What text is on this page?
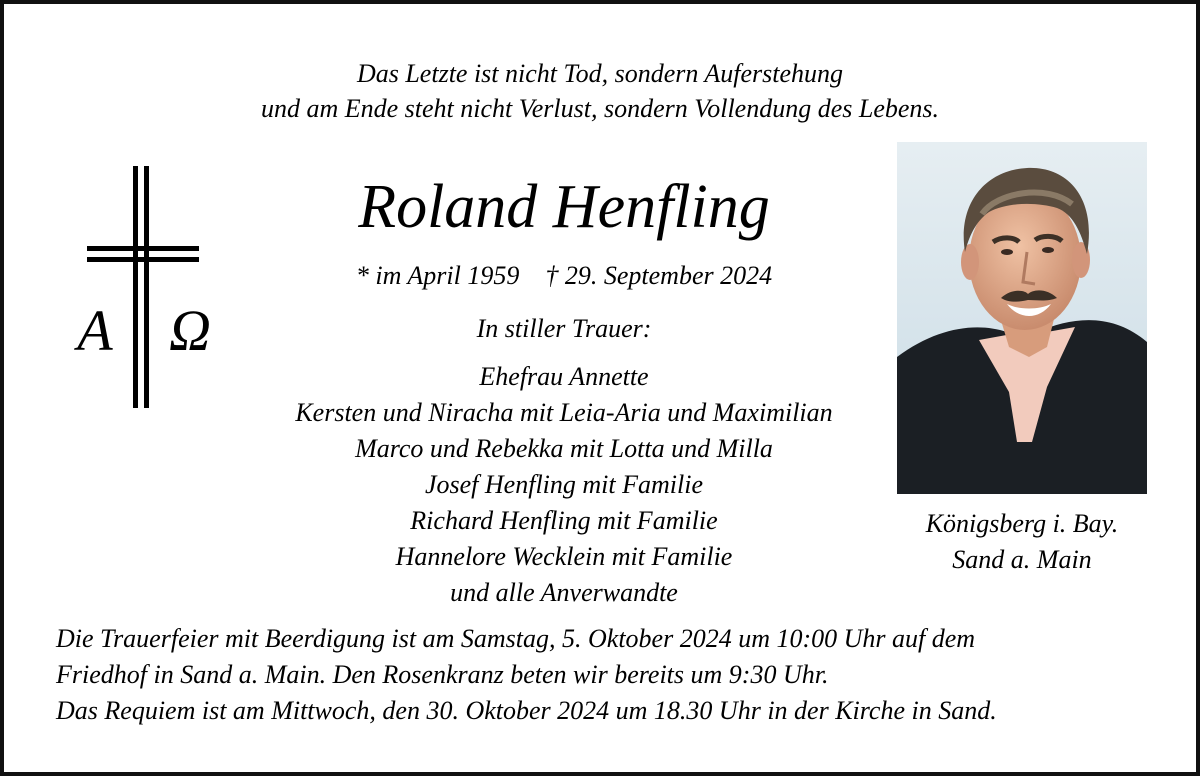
Das Letzte ist nicht Tod, sondern Auferstehung
und am Ende steht nicht Verlust, sondern Vollendung des Lebens.
A Ω
Roland Henfling
* im April 1959 † 29. September 2024
In stiller Trauer:
Ehefrau Annette
Kersten und Niracha mit Leia-Aria und Maximilian
Marco und Rebekka mit Lotta und Milla
Josef Henfling mit Familie
Richard Henfling mit Familie
Hannelore Wecklein mit Familie
und alle Anverwandte
Königsberg i. Bay.
Sand a. Main
Die Trauerfeier mit Beerdigung ist am Samstag, 5. Oktober 2024 um 10:00 Uhr auf dem
Friedhof in Sand a. Main. Den Rosenkranz beten wir bereits um 9:30 Uhr.
Das Requiem ist am Mittwoch, den 30. Oktober 2024 um 18.30 Uhr in der Kirche in Sand.
